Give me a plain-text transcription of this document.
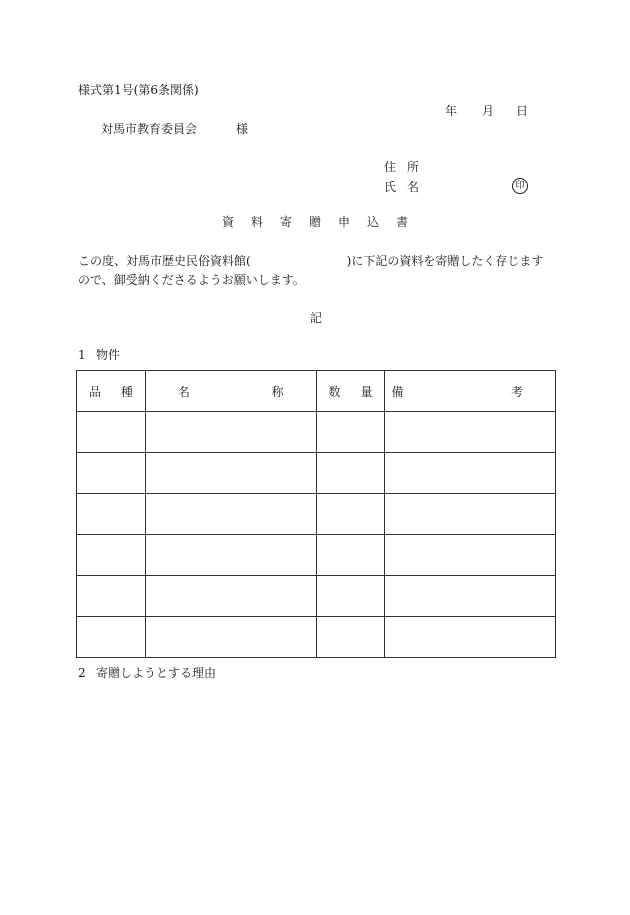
様式第1号(第6条関係)
年 月 日
対馬市教育委員会	様
住所
氏名	印
資料寄贈申込書
この度、対馬市歴史民俗資料館(　　　　　　　　)に下記の資料を寄贈したく存じます
ので、御受納くださるようお願いします。
記
1 物件
品 種	名 称	数 量	備 考

2 寄贈しようとする理由
